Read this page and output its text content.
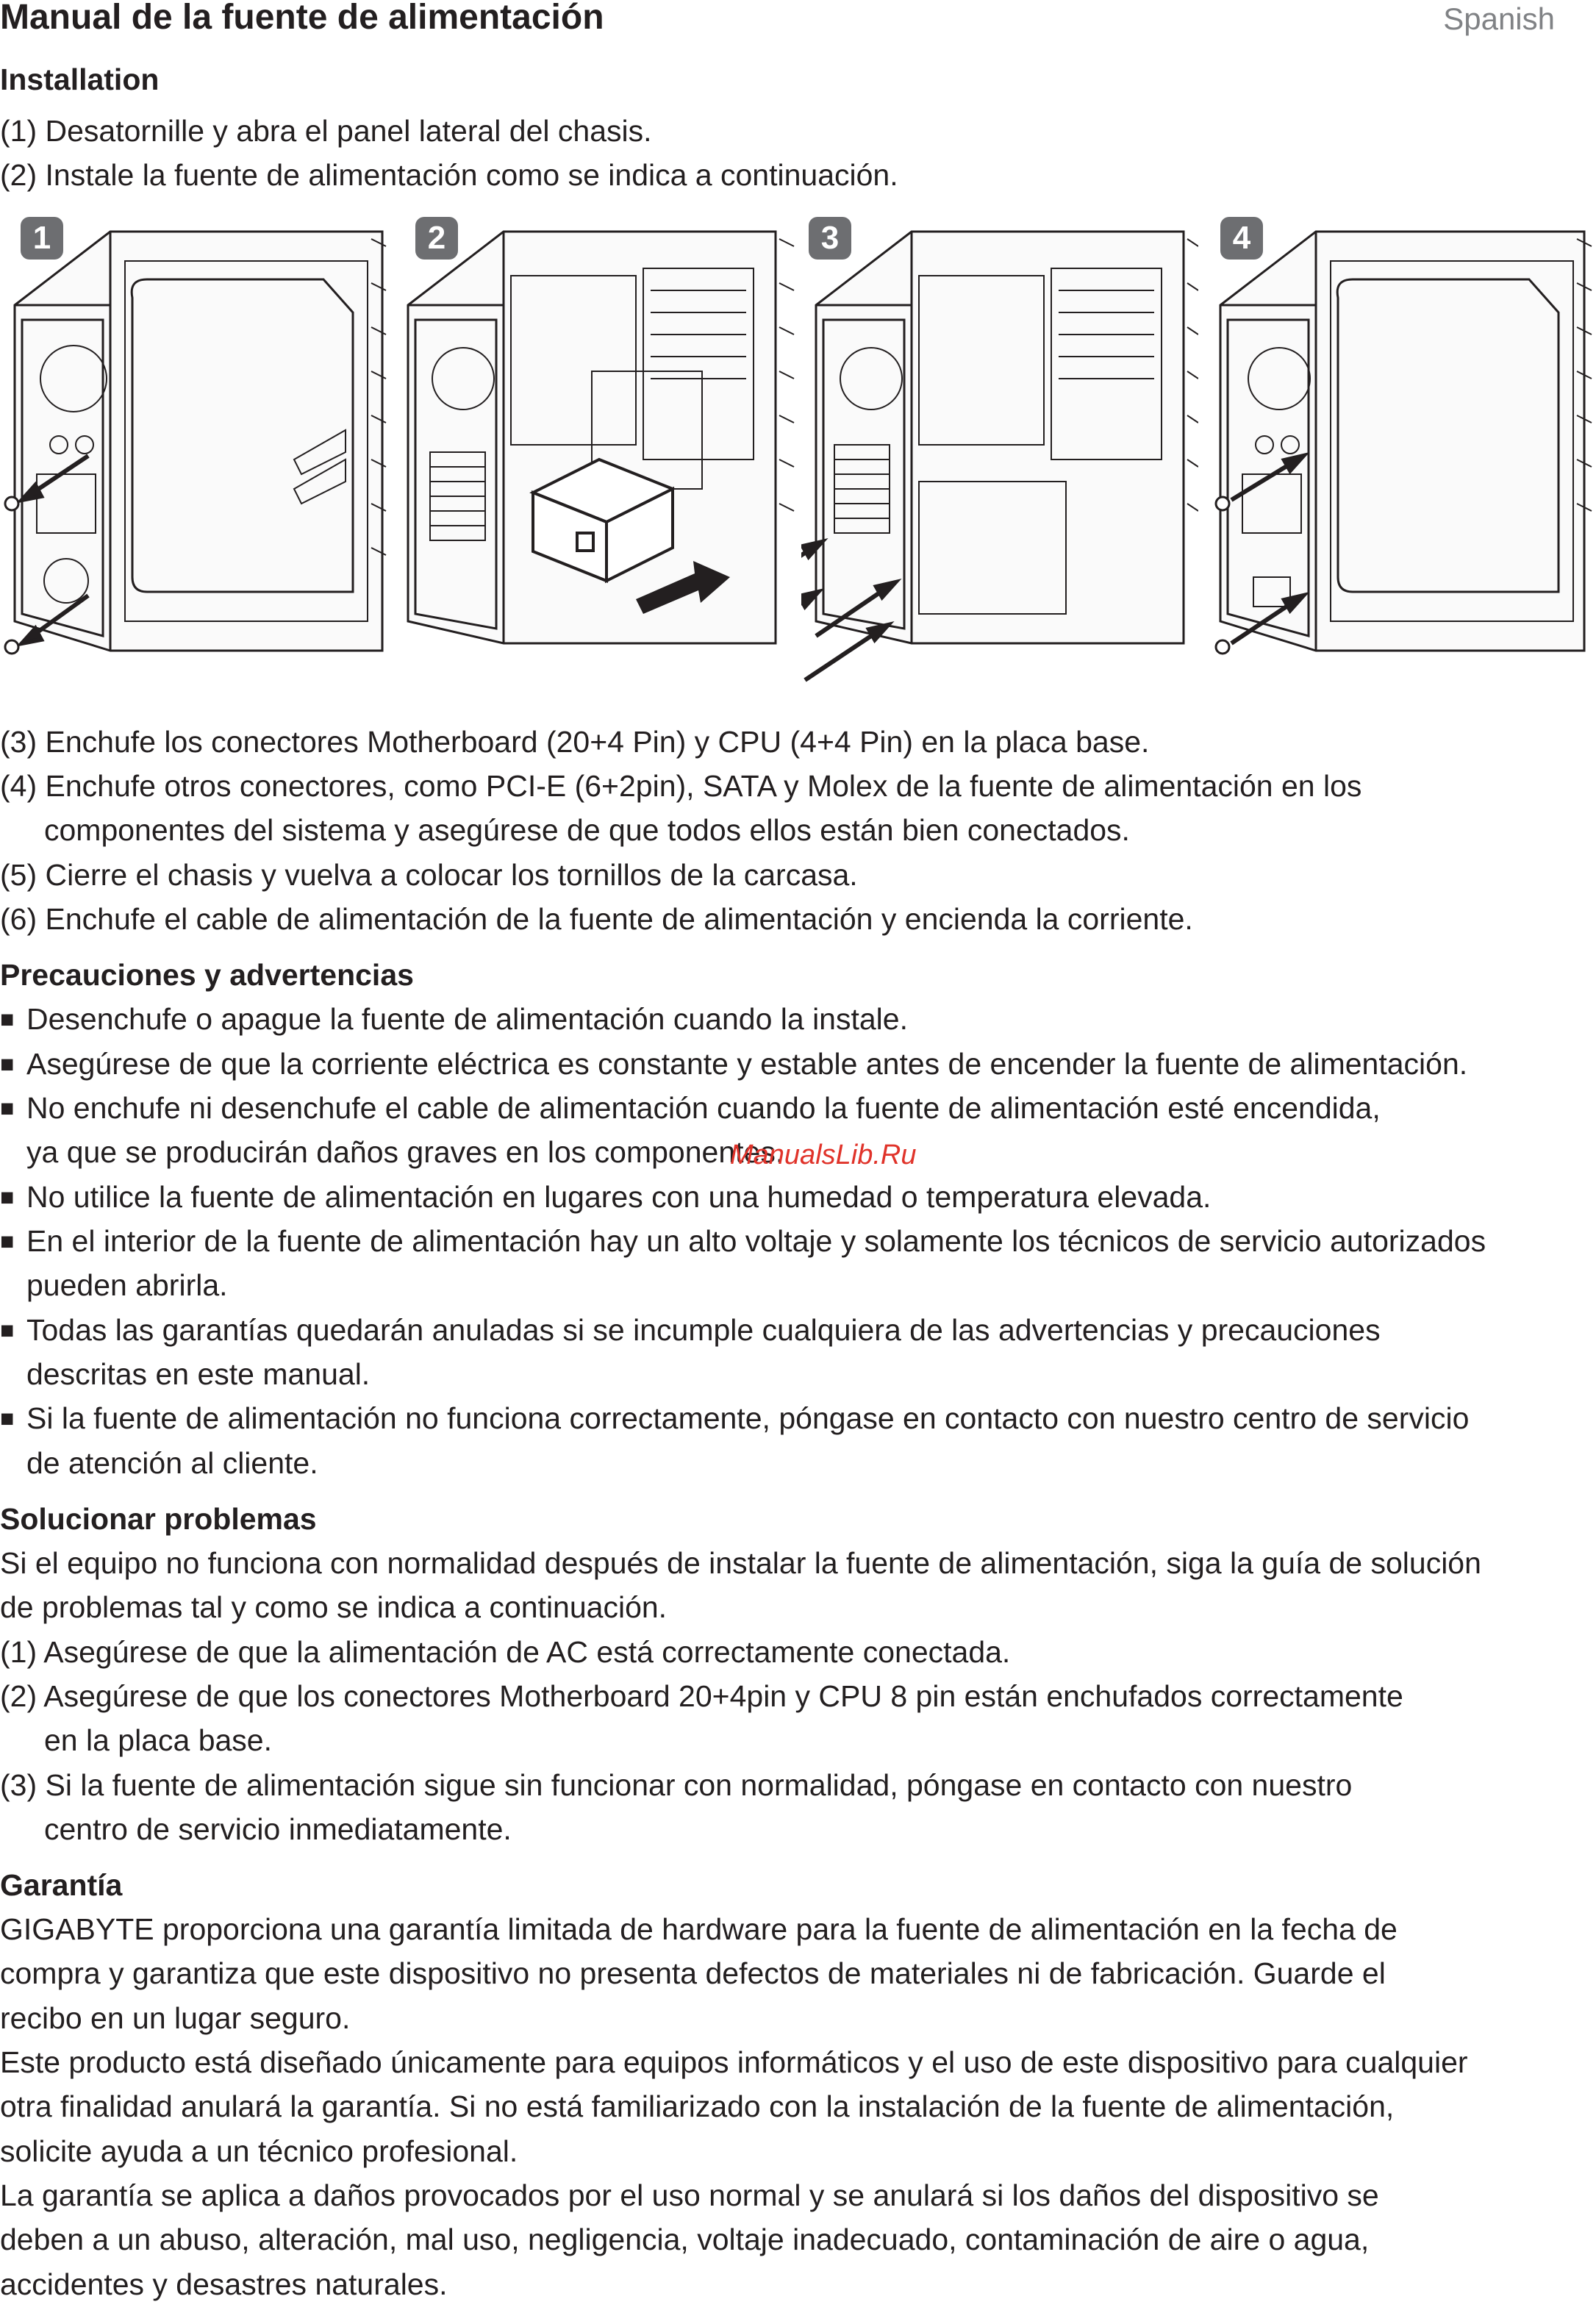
Manual de la fuente de alimentación	Spanish
Installation
(1) Desatornille y abra el panel lateral del chasis.
(2) Instale la fuente de alimentación como se indica a continuación.
1	2	3	4
(3) Enchufe los conectores Motherboard (20+4 Pin) y CPU (4+4 Pin) en la placa base.
(4) Enchufe otros conectores, como PCI-E (6+2pin), SATA y Molex de la fuente de alimentación en los
componentes del sistema y asegúrese de que todos ellos están bien conectados.
(5) Cierre el chasis y vuelva a colocar los tornillos de la carcasa.
(6) Enchufe el cable de alimentación de la fuente de alimentación y encienda la corriente.
Precauciones y advertencias
■ Desenchufe o apague la fuente de alimentación cuando la instale.
■ Asegúrese de que la corriente eléctrica es constante y estable antes de encender la fuente de alimentación.
■ No enchufe ni desenchufe el cable de alimentación cuando la fuente de alimentación esté encendida,
ya que se producirán daños graves en los componentes.
ManualsLib.Ru
■ No utilice la fuente de alimentación en lugares con una humedad o temperatura elevada.
■ En el interior de la fuente de alimentación hay un alto voltaje y solamente los técnicos de servicio autorizados
pueden abrirla.
■ Todas las garantías quedarán anuladas si se incumple cualquiera de las advertencias y precauciones
descritas en este manual.
■ Si la fuente de alimentación no funciona correctamente, póngase en contacto con nuestro centro de servicio
de atención al cliente.
Solucionar problemas
Si el equipo no funciona con normalidad después de instalar la fuente de alimentación, siga la guía de solución
de problemas tal y como se indica a continuación.
(1) Asegúrese de que la alimentación de AC está correctamente conectada.
(2) Asegúrese de que los conectores Motherboard 20+4pin y CPU 8 pin están enchufados correctamente
en la placa base.
(3) Si la fuente de alimentación sigue sin funcionar con normalidad, póngase en contacto con nuestro
centro de servicio inmediatamente.
Garantía
GIGABYTE proporciona una garantía limitada de hardware para la fuente de alimentación en la fecha de
compra y garantiza que este dispositivo no presenta defectos de materiales ni de fabricación. Guarde el
recibo en un lugar seguro.
Este producto está diseñado únicamente para equipos informáticos y el uso de este dispositivo para cualquier
otra finalidad anulará la garantía. Si no está familiarizado con la instalación de la fuente de alimentación,
solicite ayuda a un técnico profesional.
La garantía se aplica a daños provocados por el uso normal y se anulará si los daños del dispositivo se
deben a un abuso, alteración, mal uso, negligencia, voltaje inadecuado, contaminación de aire o agua,
accidentes y desastres naturales.
